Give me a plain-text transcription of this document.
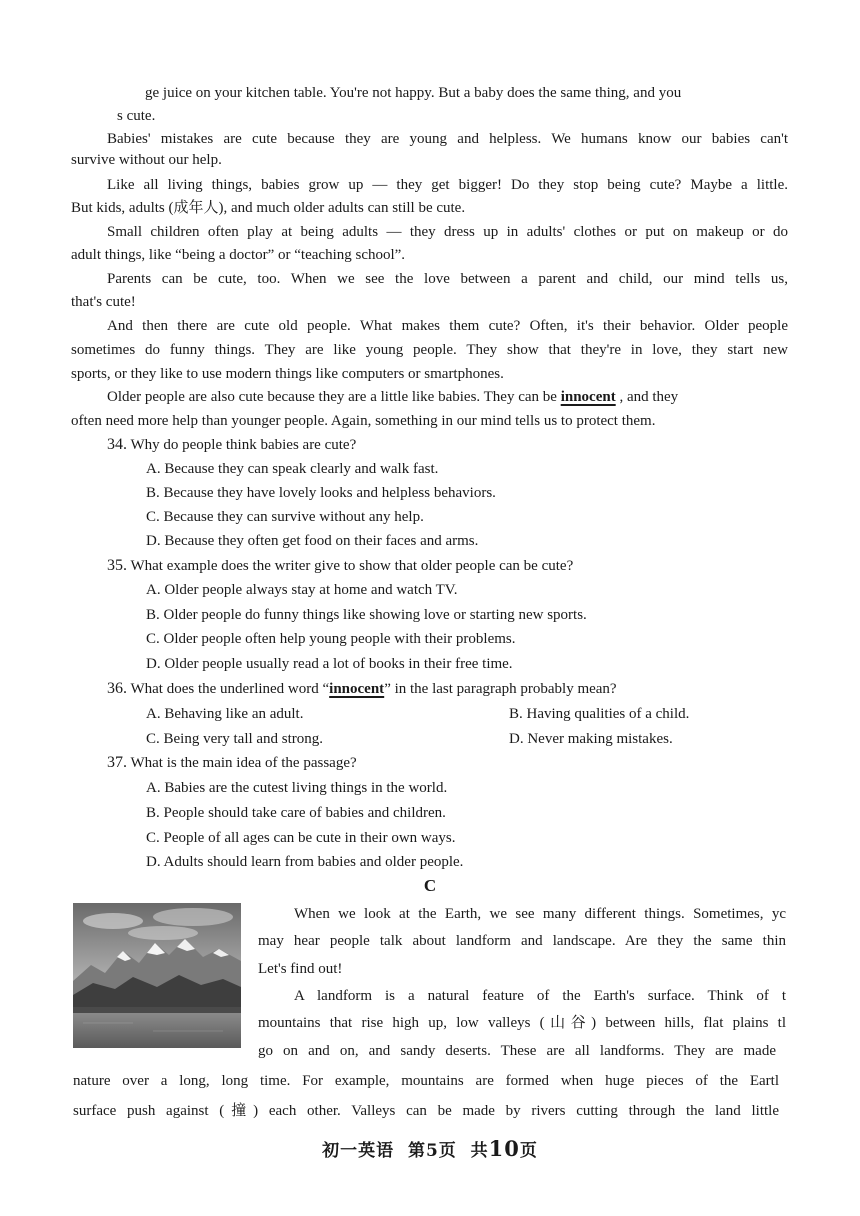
ge juice on your kitchen table. You're not happy. But a baby does the same thing, and you
s cute.
Babies' mistakes are cute because they are young and helpless. We humans know our babies can't
survive without our help.
Like all living things, babies grow up — they get bigger! Do they stop being cute? Maybe a little.
But kids, adults (成年人), and much older adults can still be cute.
Small children often play at being adults — they dress up in adults' clothes or put on makeup or do
adult things, like “being a doctor” or “teaching school”.
Parents can be cute, too. When we see the love between a parent and child, our mind tells us,
that's cute!
And then there are cute old people. What makes them cute? Often, it's their behavior. Older people
sometimes do funny things. They are like young people. They show that they're in love, they start new
sports, or they like to use modern things like computers or smartphones.
Older people are also cute because they are a little like babies. They can be innocent , and they
often need more help than younger people. Again, something in our mind tells us to protect them.
34. Why do people think babies are cute?
A. Because they can speak clearly and walk fast.
B. Because they have lovely looks and helpless behaviors.
C. Because they can survive without any help.
D. Because they often get food on their faces and arms.
35. What example does the writer give to show that older people can be cute?
A. Older people always stay at home and watch TV.
B. Older people do funny things like showing love or starting new sports.
C. Older people often help young people with their problems.
D. Older people usually read a lot of books in their free time.
36. What does the underlined word “innocent” in the last paragraph probably mean?
A. Behaving like an adult.	B. Having qualities of a child.
C. Being very tall and strong.	D. Never making mistakes.
37. What is the main idea of the passage?
A. Babies are the cutest living things in the world.
B. People should take care of babies and children.
C. People of all ages can be cute in their own ways.
D. Adults should learn from babies and older people.
C
When we look at the Earth, we see many different things. Sometimes, yc
may hear people talk about landform and landscape. Are they the same thin
Let's find out!
A landform is a natural feature of the Earth's surface. Think of t
mountains that rise high up, low valleys (山谷) between hills, flat plains tl
go on and on, and sandy deserts. These are all landforms. They are made
nature over a long, long time. For example, mountains are formed when huge pieces of the Eartl
surface push against (撞) each other. Valleys can be made by rivers cutting through the land little
初一英语 第5页 共10页
